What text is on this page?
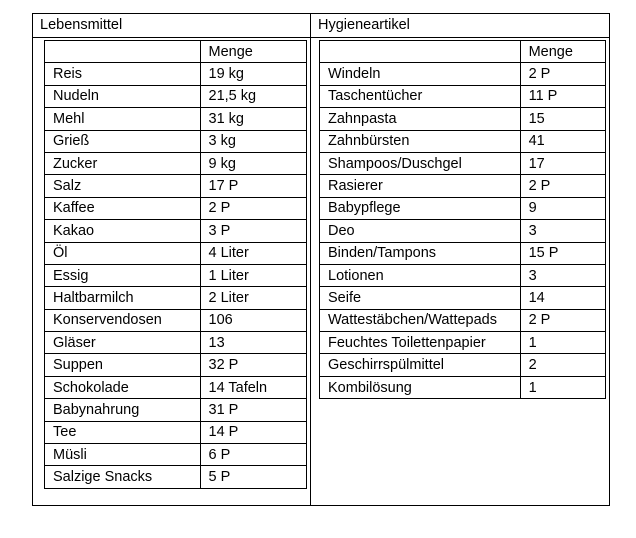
Lebensmittel	Hygieneartikel
	Menge
Reis	19 kg
Nudeln	21,5 kg
Mehl	31 kg
Grieß	3 kg
Zucker	9 kg
Salz	17 P
Kaffee	2 P
Kakao	3 P
Öl	4 Liter
Essig	1 Liter
Haltbarmilch	2 Liter
Konservendosen	106
Gläser	13
Suppen	32 P
Schokolade	14 Tafeln
Babynahrung	31 P
Tee	14 P
Müsli	6 P
Salzige Snacks	5 P
	Menge
Windeln	2 P
Taschentücher	11 P
Zahnpasta	15
Zahnbürsten	41
Shampoos/Duschgel	17
Rasierer	2 P
Babypflege	9
Deo	3
Binden/Tampons	15 P
Lotionen	3
Seife	14
Wattestäbchen/Wattepads	2 P
Feuchtes Toilettenpapier	1
Geschirrspülmittel	2
Kombilösung	1
